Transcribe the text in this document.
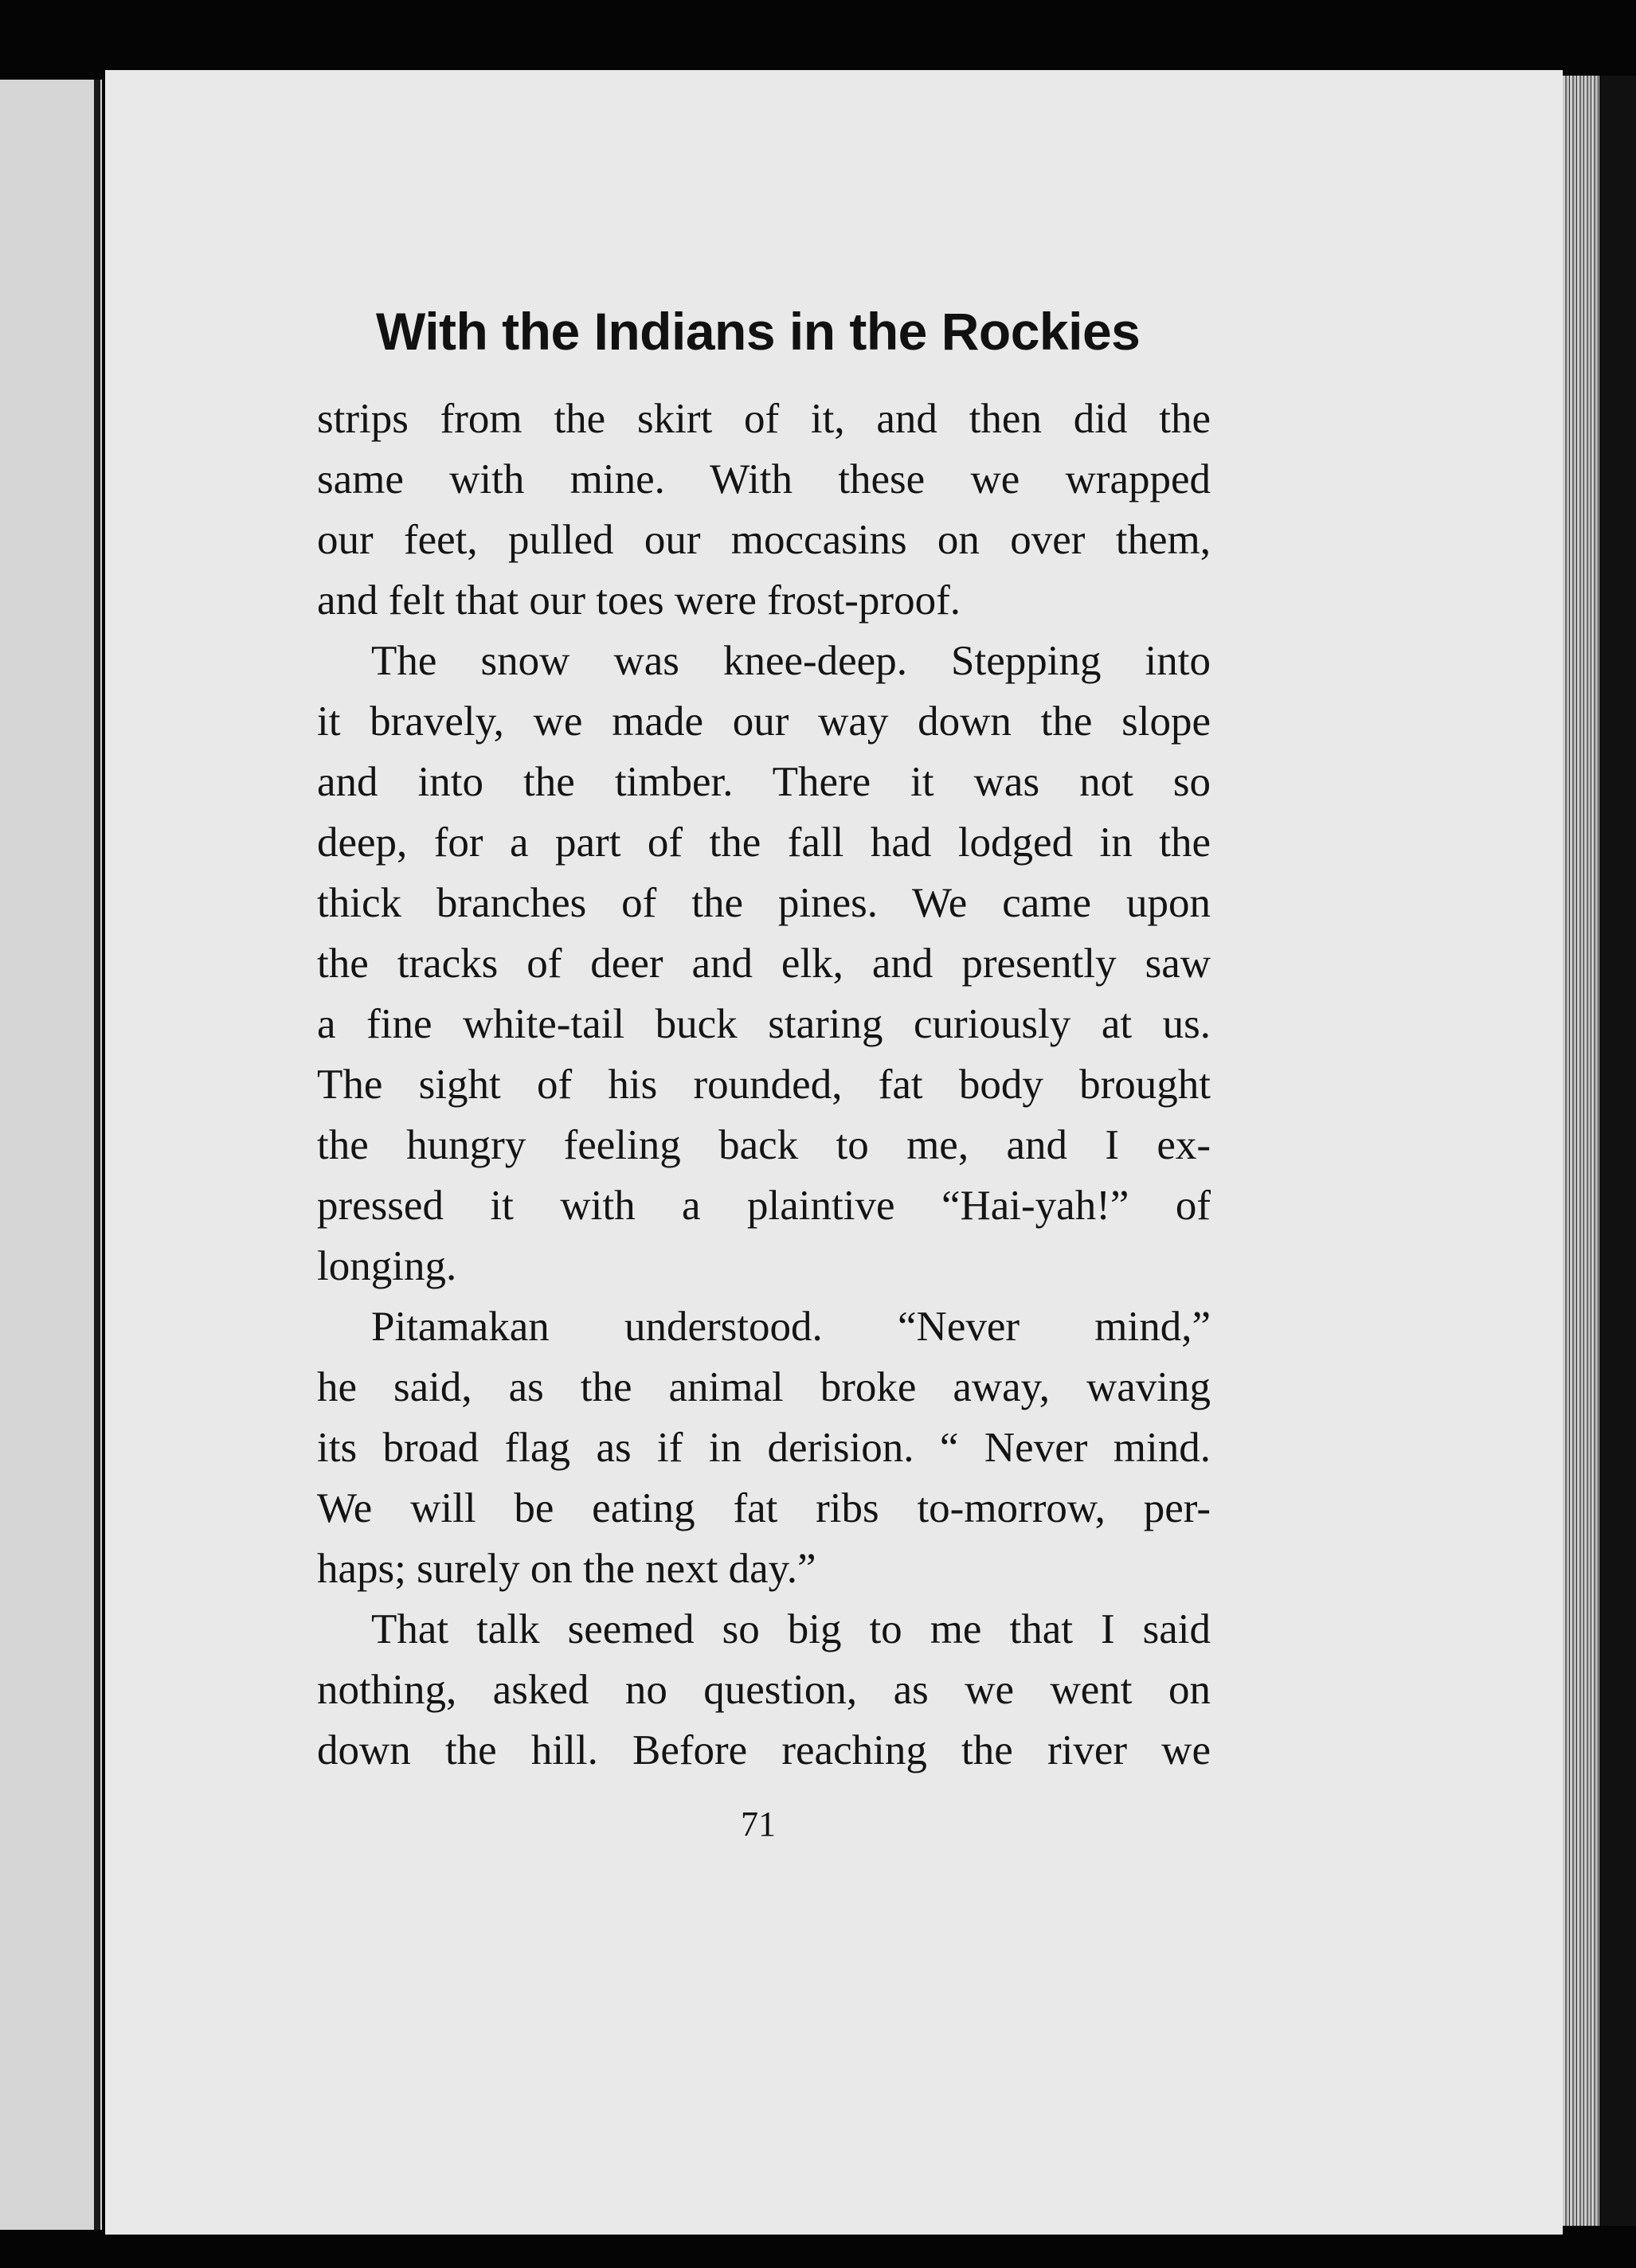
With the Indians in the Rockies
strips from the skirt of it, and then did the
same with mine. With these we wrapped
our feet, pulled our moccasins on over them,
and felt that our toes were frost-proof.
The snow was knee-deep. Stepping into
it bravely, we made our way down the slope
and into the timber. There it was not so
deep, for a part of the fall had lodged in the
thick branches of the pines. We came upon
the tracks of deer and elk, and presently saw
a fine white-tail buck staring curiously at us.
The sight of his rounded, fat body brought
the hungry feeling back to me, and I ex-
pressed it with a plaintive “Hai-yah!” of
longing.
Pitamakan understood. “Never mind,”
he said, as the animal broke away, waving
its broad flag as if in derision. “ Never mind.
We will be eating fat ribs to-morrow, per-
haps; surely on the next day.”
That talk seemed so big to me that I said
nothing, asked no question, as we went on
down the hill. Before reaching the river we
71
